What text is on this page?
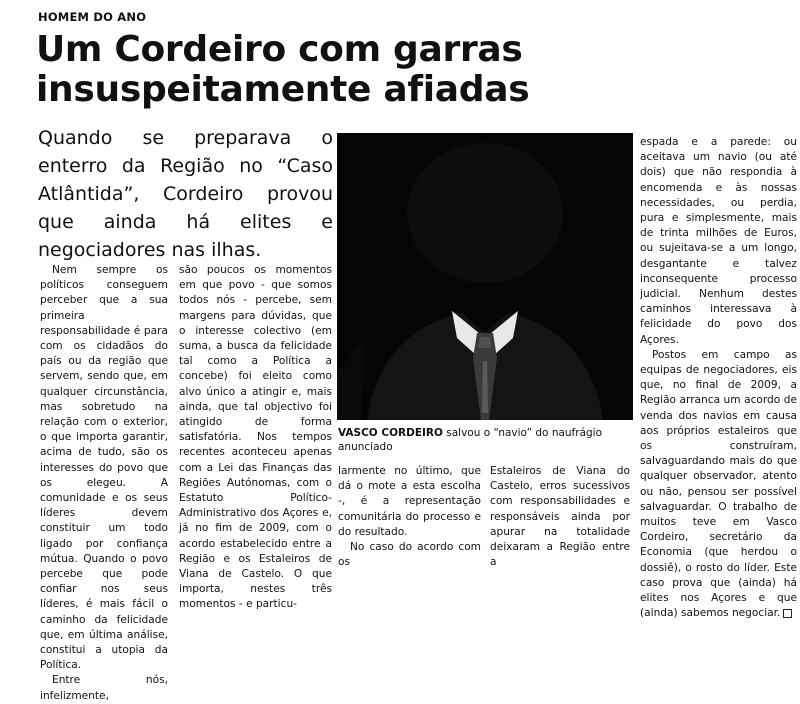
HOMEM DO ANO
Um Cordeiro com garras insuspeitamente afiadas
Quando se preparava o enterro da Região no “Caso Atlântida”, Cordeiro provou que ainda há elites e negociadores nas ilhas.

Nem sempre os políticos conseguem perceber que a sua primeira responsabilidade é para com os cidadãos do país ou da região que servem, sendo que, em qualquer circunstância, mas sobretudo na relação com o exterior, o que importa garantir, acima de tudo, são os interesses do povo que os elegeu. A comunidade e os seus líderes devem constituir um todo ligado por confiança mútua. Quando o povo percebe que pode confiar nos seus líderes, é mais fácil o caminho da felicidade que, em última análise, constitui a utopia da Política.

Entre nós, infelizmente,

são poucos os momentos em que povo - que somos todos nós - percebe, sem margens para dúvidas, que o interesse colectivo (em suma, a busca da felicidade tal como a Política a concebe) foi eleito como alvo único a atingir e, mais ainda, que tal objectivo foi atingido de forma satisfatória. Nos tempos recentes aconteceu apenas com a Lei das Finanças das Regiões Autónomas, com o Estatuto Político-Administrativo dos Açores e, já no fim de 2009, com o acordo estabelecido entre a Região e os Estaleiros de Viana de Castelo. O que importa, nestes três momentos - e particu-

VASCO CORDEIRO salvou o “navio” do naufrágio anunciado

larmente no último, que dá o mote a esta escolha -, é a representação comunitária do processo e do resultado.

No caso do acordo com os

Estaleiros de Viana do Castelo, erros sucessivos com responsabilidades e responsáveis ainda por apurar na totalidade deixaram a Região entre a

espada e a parede: ou aceitava um navio (ou até dois) que não respondia à encomenda e às nossas necessidades, ou perdia, pura e simplesmente, mais de trinta milhões de Euros, ou sujeitava-se a um longo, desgantante e talvez inconsequente processo judicial. Nenhum destes caminhos interessava à felicidade do povo dos Açores.

Postos em campo as equipas de negociadores, eis que, no final de 2009, a Região arranca um acordo de venda dos navios em causa aos próprios estaleiros que os construíram, salvaguardando mais do que qualquer observador, atento ou não, pensou ser possível salvaguardar. O trabalho de muitos teve em Vasco Cordeiro, secretário da Economia (que herdou o dossiê), o rosto do líder. Este caso prova que (ainda) há elites nos Açores e que (ainda) sabemos negociar.
